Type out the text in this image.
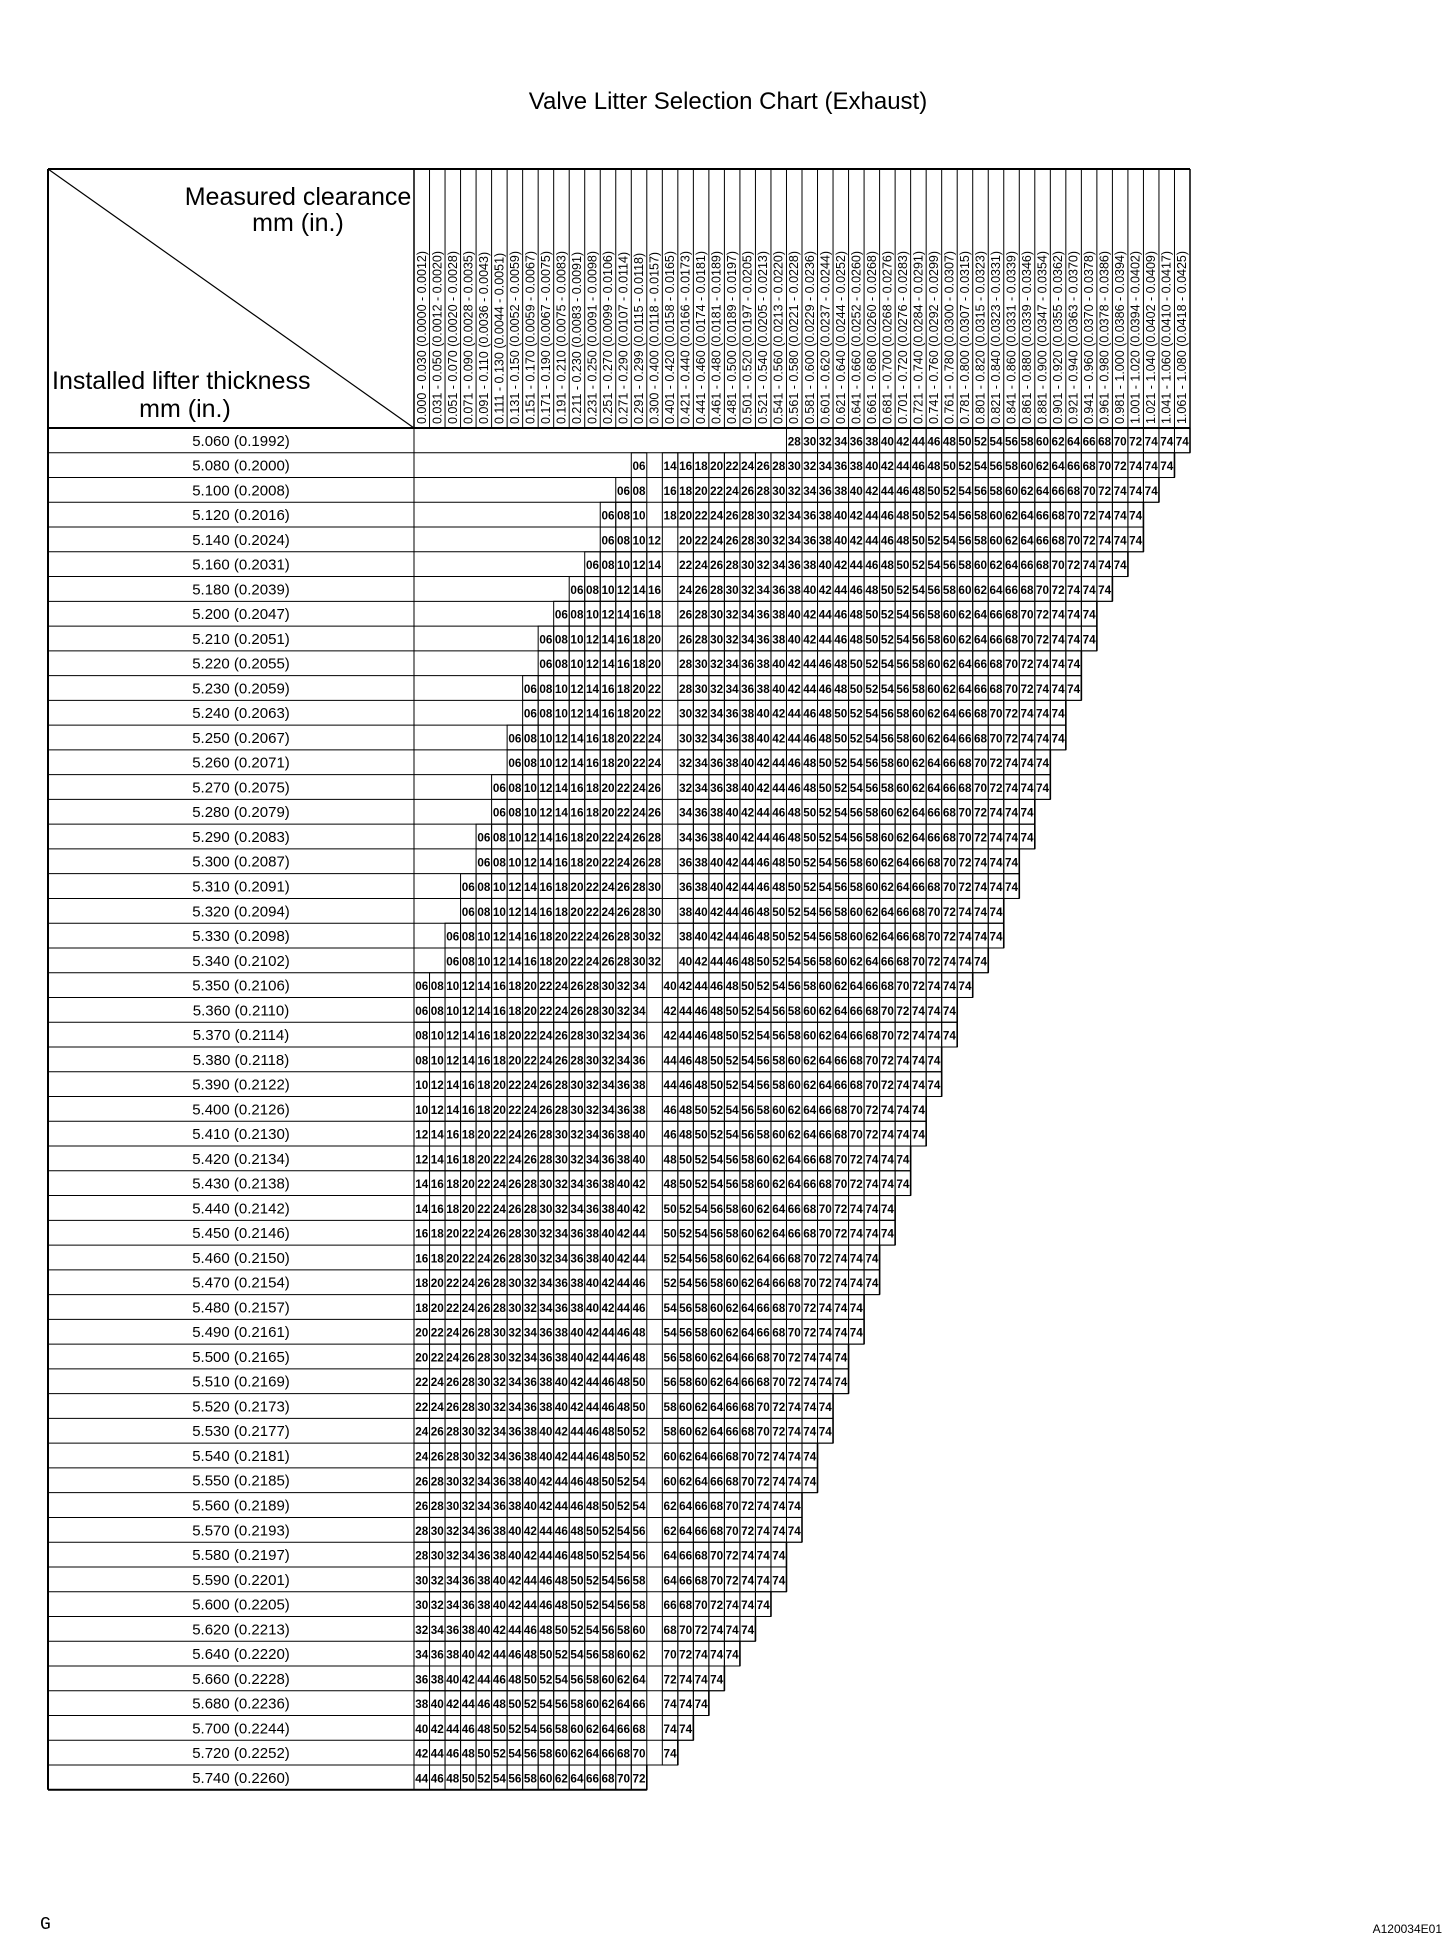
Valve Litter Selection Chart (Exhaust)
28 30 32 34 36 38 40 42 44 46 48 50 52 54 56 58 60 62 64 66 68 70 72 74 74 74
06 14 16 18 20 22 24 26 28 30 32 34 36 38 40 42 44 46 48 50 52 54 56 58 60 62 64 66 68 70 72 74 74 74
06 08 16 18 20 22 24 26 28 30 32 34 36 38 40 42 44 46 48 50 52 54 56 58 60 62 64 66 68 70 72 74 74 74
06 08 10 18 20 22 24 26 28 30 32 34 36 38 40 42 44 46 48 50 52 54 56 58 60 62 64 66 68 70 72 74 74 74
06 08 10 12 20 22 24 26 28 30 32 34 36 38 40 42 44 46 48 50 52 54 56 58 60 62 64 66 68 70 72 74 74 74
06 08 10 12 14 22 24 26 28 30 32 34 36 38 40 42 44 46 48 50 52 54 56 58 60 62 64 66 68 70 72 74 74 74
06 08 10 12 14 16 24 26 28 30 32 34 36 38 40 42 44 46 48 50 52 54 56 58 60 62 64 66 68 70 72 74 74 74
06 08 10 12 14 16 18 26 28 30 32 34 36 38 40 42 44 46 48 50 52 54 56 58 60 62 64 66 68 70 72 74 74 74
06 08 10 12 14 16 18 20 26 28 30 32 34 36 38 40 42 44 46 48 50 52 54 56 58 60 62 64 66 68 70 72 74 74 74
06 08 10 12 14 16 18 20 28 30 32 34 36 38 40 42 44 46 48 50 52 54 56 58 60 62 64 66 68 70 72 74 74 74
06 08 10 12 14 16 18 20 22 28 30 32 34 36 38 40 42 44 46 48 50 52 54 56 58 60 62 64 66 68 70 72 74 74 74
06 08 10 12 14 16 18 20 22 30 32 34 36 38 40 42 44 46 48 50 52 54 56 58 60 62 64 66 68 70 72 74 74 74
06 08 10 12 14 16 18 20 22 24 30 32 34 36 38 40 42 44 46 48 50 52 54 56 58 60 62 64 66 68 70 72 74 74 74
06 08 10 12 14 16 18 20 22 24 32 34 36 38 40 42 44 46 48 50 52 54 56 58 60 62 64 66 68 70 72 74 74 74
06 08 10 12 14 16 18 20 22 24 26 32 34 36 38 40 42 44 46 48 50 52 54 56 58 60 62 64 66 68 70 72 74 74 74
06 08 10 12 14 16 18 20 22 24 26 34 36 38 40 42 44 46 48 50 52 54 56 58 60 62 64 66 68 70 72 74 74 74
06 08 10 12 14 16 18 20 22 24 26 28 34 36 38 40 42 44 46 48 50 52 54 56 58 60 62 64 66 68 70 72 74 74 74
06 08 10 12 14 16 18 20 22 24 26 28 36 38 40 42 44 46 48 50 52 54 56 58 60 62 64 66 68 70 72 74 74 74
06 08 10 12 14 16 18 20 22 24 26 28 30 36 38 40 42 44 46 48 50 52 54 56 58 60 62 64 66 68 70 72 74 74 74
06 08 10 12 14 16 18 20 22 24 26 28 30 38 40 42 44 46 48 50 52 54 56 58 60 62 64 66 68 70 72 74 74 74
06 08 10 12 14 16 18 20 22 24 26 28 30 32 38 40 42 44 46 48 50 52 54 56 58 60 62 64 66 68 70 72 74 74 74
06 08 10 12 14 16 18 20 22 24 26 28 30 32 40 42 44 46 48 50 52 54 56 58 60 62 64 66 68 70 72 74 74 74
06 08 10 12 14 16 18 20 22 24 26 28 30 32 34 40 42 44 46 48 50 52 54 56 58 60 62 64 66 68 70 72 74 74 74
06 08 10 12 14 16 18 20 22 24 26 28 30 32 34 42 44 46 48 50 52 54 56 58 60 62 64 66 68 70 72 74 74 74
08 10 12 14 16 18 20 22 24 26 28 30 32 34 36 42 44 46 48 50 52 54 56 58 60 62 64 66 68 70 72 74 74 74
08 10 12 14 16 18 20 22 24 26 28 30 32 34 36 44 46 48 50 52 54 56 58 60 62 64 66 68 70 72 74 74 74
10 12 14 16 18 20 22 24 26 28 30 32 34 36 38 44 46 48 50 52 54 56 58 60 62 64 66 68 70 72 74 74 74
10 12 14 16 18 20 22 24 26 28 30 32 34 36 38 46 48 50 52 54 56 58 60 62 64 66 68 70 72 74 74 74
12 14 16 18 20 22 24 26 28 30 32 34 36 38 40 46 48 50 52 54 56 58 60 62 64 66 68 70 72 74 74 74
12 14 16 18 20 22 24 26 28 30 32 34 36 38 40 48 50 52 54 56 58 60 62 64 66 68 70 72 74 74 74
14 16 18 20 22 24 26 28 30 32 34 36 38 40 42 48 50 52 54 56 58 60 62 64 66 68 70 72 74 74 74
14 16 18 20 22 24 26 28 30 32 34 36 38 40 42 50 52 54 56 58 60 62 64 66 68 70 72 74 74 74
16 18 20 22 24 26 28 30 32 34 36 38 40 42 44 50 52 54 56 58 60 62 64 66 68 70 72 74 74 74
16 18 20 22 24 26 28 30 32 34 36 38 40 42 44 52 54 56 58 60 62 64 66 68 70 72 74 74 74
18 20 22 24 26 28 30 32 34 36 38 40 42 44 46 52 54 56 58 60 62 64 66 68 70 72 74 74 74
18 20 22 24 26 28 30 32 34 36 38 40 42 44 46 54 56 58 60 62 64 66 68 70 72 74 74 74
20 22 24 26 28 30 32 34 36 38 40 42 44 46 48 54 56 58 60 62 64 66 68 70 72 74 74 74
20 22 24 26 28 30 32 34 36 38 40 42 44 46 48 56 58 60 62 64 66 68 70 72 74 74 74
22 24 26 28 30 32 34 36 38 40 42 44 46 48 50 56 58 60 62 64 66 68 70 72 74 74 74
22 24 26 28 30 32 34 36 38 40 42 44 46 48 50 58 60 62 64 66 68 70 72 74 74 74
24 26 28 30 32 34 36 38 40 42 44 46 48 50 52 58 60 62 64 66 68 70 72 74 74 74
24 26 28 30 32 34 36 38 40 42 44 46 48 50 52 60 62 64 66 68 70 72 74 74 74
26 28 30 32 34 36 38 40 42 44 46 48 50 52 54 60 62 64 66 68 70 72 74 74 74
26 28 30 32 34 36 38 40 42 44 46 48 50 52 54 62 64 66 68 70 72 74 74 74
28 30 32 34 36 38 40 42 44 46 48 50 52 54 56 62 64 66 68 70 72 74 74 74
28 30 32 34 36 38 40 42 44 46 48 50 52 54 56 64 66 68 70 72 74 74 74
30 32 34 36 38 40 42 44 46 48 50 52 54 56 58 64 66 68 70 72 74 74 74
30 32 34 36 38 40 42 44 46 48 50 52 54 56 58 66 68 70 72 74 74 74
32 34 36 38 40 42 44 46 48 50 52 54 56 58 60 68 70 72 74 74 74
34 36 38 40 42 44 46 48 50 52 54 56 58 60 62 70 72 74 74 74
36 38 40 42 44 46 48 50 52 54 56 58 60 62 64 72 74 74 74
38 40 42 44 46 48 50 52 54 56 58 60 62 64 66 74 74 74
40 42 44 46 48 50 52 54 56 58 60 62 64 66 68 74 74
42 44 46 48 50 52 54 56 58 60 62 64 66 68 70 74
44 46 48 50 52 54 56 58 60 62 64 66 68 70 72
0.000 - 0.030 (0.0000 - 0.0012) 0.031 - 0.050 (0.0012 - 0.0020) 0.051 - 0.070 (0.0020 - 0.0028) 0.071 - 0.090 (0.0028 - 0.0035) 0.091 - 0.110 (0.0036 - 0.0043) 0.111 - 0.130 (0.0044 - 0.0051) 0.131 - 0.150 (0.0052 - 0.0059) 0.151 - 0.170 (0.0059 - 0.0067) 0.171 - 0.190 (0.0067 - 0.0075) 0.191 - 0.210 (0.0075 - 0.0083) 0.211 - 0.230 (0.0083 - 0.0091) 0.231 - 0.250 (0.0091 - 0.0098) 0.251 - 0.270 (0.0099 - 0.0106) 0.271 - 0.290 (0.0107 - 0.0114) 0.291 - 0.299 (0.0115 - 0.0118) 0.300 - 0.400 (0.0118 - 0.0157) 0.401 - 0.420 (0.0158 - 0.0165) 0.421 - 0.440 (0.0166 - 0.0173) 0.441 - 0.460 (0.0174 - 0.0181) 0.461 - 0.480 (0.0181 - 0.0189) 0.481 - 0.500 (0.0189 - 0.0197) 0.501 - 0.520 (0.0197 - 0.0205) 0.521 - 0.540 (0.0205 - 0.0213) 0.541 - 0.560 (0.0213 - 0.0220) 0.561 - 0.580 (0.0221 - 0.0228) 0.581 - 0.600 (0.0229 - 0.0236) 0.601 - 0.620 (0.0237 - 0.0244) 0.621 - 0.640 (0.0244 - 0.0252) 0.641 - 0.660 (0.0252 - 0.0260) 0.661 - 0.680 (0.0260 - 0.0268) 0.681 - 0.700 (0.0268 - 0.0276) 0.701 - 0.720 (0.0276 - 0.0283) 0.721 - 0.740 (0.0284 - 0.0291) 0.741 - 0.760 (0.0292 - 0.0299) 0.761 - 0.780 (0.0300 - 0.0307) 0.781 - 0.800 (0.0307 - 0.0315) 0.801 - 0.820 (0.0315 - 0.0323) 0.821 - 0.840 (0.0323 - 0.0331) 0.841 - 0.860 (0.0331 - 0.0339) 0.861 - 0.880 (0.0339 - 0.0346) 0.881 - 0.900 (0.0347 - 0.0354) 0.901 - 0.920 (0.0355 - 0.0362) 0.921 - 0.940 (0.0363 - 0.0370) 0.941 - 0.960 (0.0370 - 0.0378) 0.961 - 0.980 (0.0378 - 0.0386) 0.981 - 1.000 (0.0386 - 0.0394) 1.001 - 1.020 (0.0394 - 0.0402) 1.021 - 1.040 (0.0402 - 0.0409) 1.041 - 1.060 (0.0410 - 0.0417) 1.061 - 1.080 (0.0418 - 0.0425)
5.060 (0.1992)
5.080 (0.2000)
5.100 (0.2008)
5.120 (0.2016)
5.140 (0.2024)
5.160 (0.2031)
5.180 (0.2039)
5.200 (0.2047)
5.210 (0.2051)
5.220 (0.2055)
5.230 (0.2059)
5.240 (0.2063)
5.250 (0.2067)
5.260 (0.2071)
5.270 (0.2075)
5.280 (0.2079)
5.290 (0.2083)
5.300 (0.2087)
5.310 (0.2091)
5.320 (0.2094)
5.330 (0.2098)
5.340 (0.2102)
5.350 (0.2106)
5.360 (0.2110)
5.370 (0.2114)
5.380 (0.2118)
5.390 (0.2122)
5.400 (0.2126)
5.410 (0.2130)
5.420 (0.2134)
5.430 (0.2138)
5.440 (0.2142)
5.450 (0.2146)
5.460 (0.2150)
5.470 (0.2154)
5.480 (0.2157)
5.490 (0.2161)
5.500 (0.2165)
5.510 (0.2169)
5.520 (0.2173)
5.530 (0.2177)
5.540 (0.2181)
5.550 (0.2185)
5.560 (0.2189)
5.570 (0.2193)
5.580 (0.2197)
5.590 (0.2201)
5.600 (0.2205)
5.620 (0.2213)
5.640 (0.2220)
5.660 (0.2228)
5.680 (0.2236)
5.700 (0.2244)
5.720 (0.2252)
5.740 (0.2260)
Measured clearance
mm (in.)
Installed lifter thickness
mm (in.)
G	A120034E01
